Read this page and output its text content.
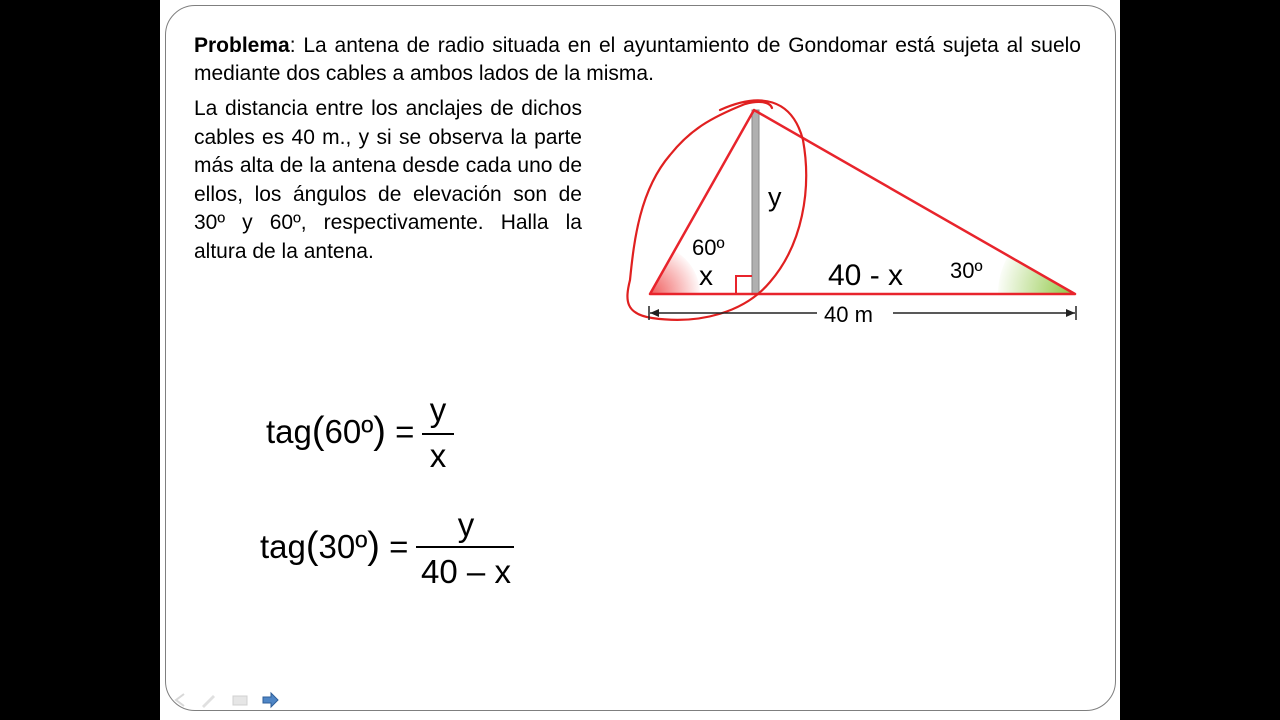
Problema: La antena de radio situada en el ayuntamiento de Gondomar está sujeta al suelo mediante dos cables a ambos lados de la misma.

La distancia entre los anclajes de dichos cables es 40 m., y si se observa la parte más alta de la antena desde cada uno de ellos, los ángulos de elevación son de 30º y 60º, respectivamente. Halla la altura de la antena.

y
60º
x	40 - x 30º
40 m
tag(60º) =
y
x
tag(30º) =
y
40 – x
